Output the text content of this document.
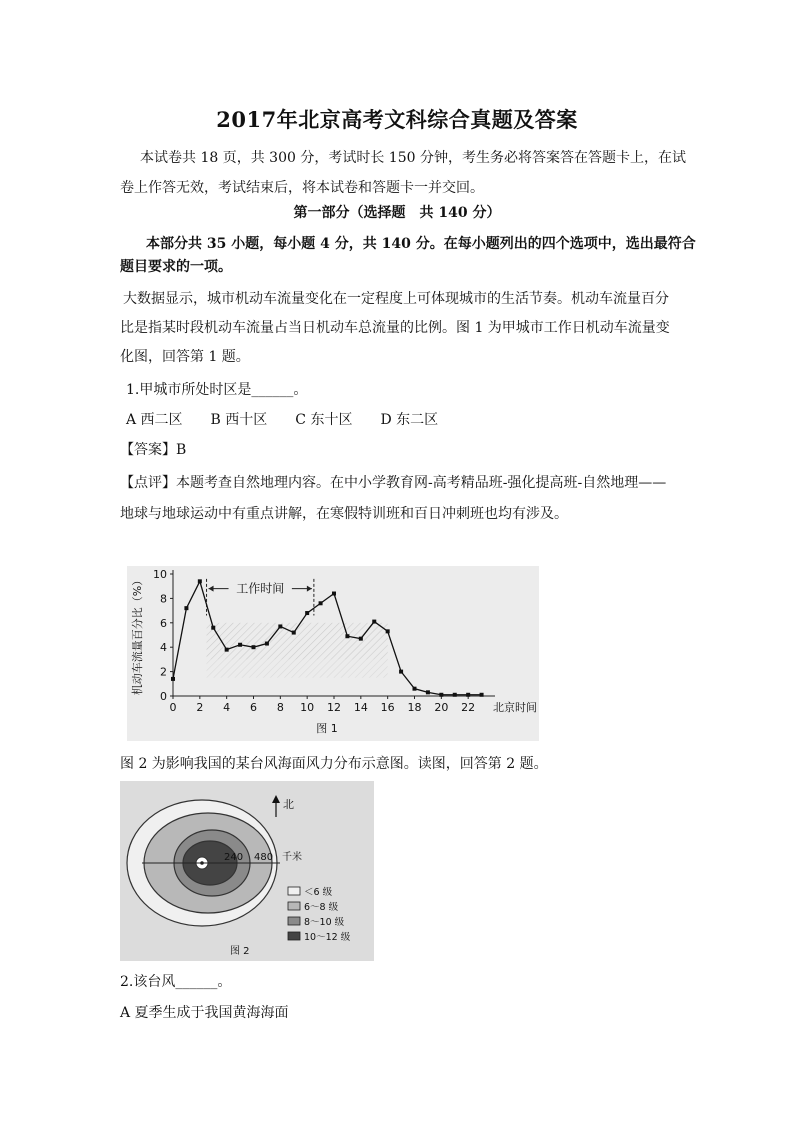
2017年北京高考文科综合真题及答案
本试卷共 18 页，共 300 分，考试时长 150 分钟，考生务必将答案答在答题卡上，在试
卷上作答无效，考试结束后，将本试卷和答题卡一并交回。
第一部分（选择题　共 140 分）
本部分共 35 小题，每小题 4 分，共 140 分。在每小题列出的四个选项中，选出最符合
题目要求的一项。
大数据显示，城市机动车流量变化在一定程度上可体现城市的生活节奏。机动车流量百分
比是指某时段机动车流量占当日机动车总流量的比例。图 1 为甲城市工作日机动车流量变
化图，回答第 1 题。
1.甲城市所处时区是______。
A 西二区　　B 西十区　　C 东十区　　D 东二区
【答案】B
【点评】本题考查自然地理内容。在中小学教育网-高考精品班-强化提高班-自然地理——
地球与地球运动中有重点讲解，在寒假特训班和百日冲刺班也均有涉及。
0
2
4
6
8
10
0 2 4 6 8 10 12 14 16 18 20 22
工作时间
机动车流量百分比（%）
北京时间
图 1
图 2 为影响我国的某台风海面风力分布示意图。读图，回答第 2 题。
240 480 千米
北
＜6 级
6～8 级
8～10 级
10～12 级
图 2
2.该台风______。
A 夏季生成于我国黄海海面
